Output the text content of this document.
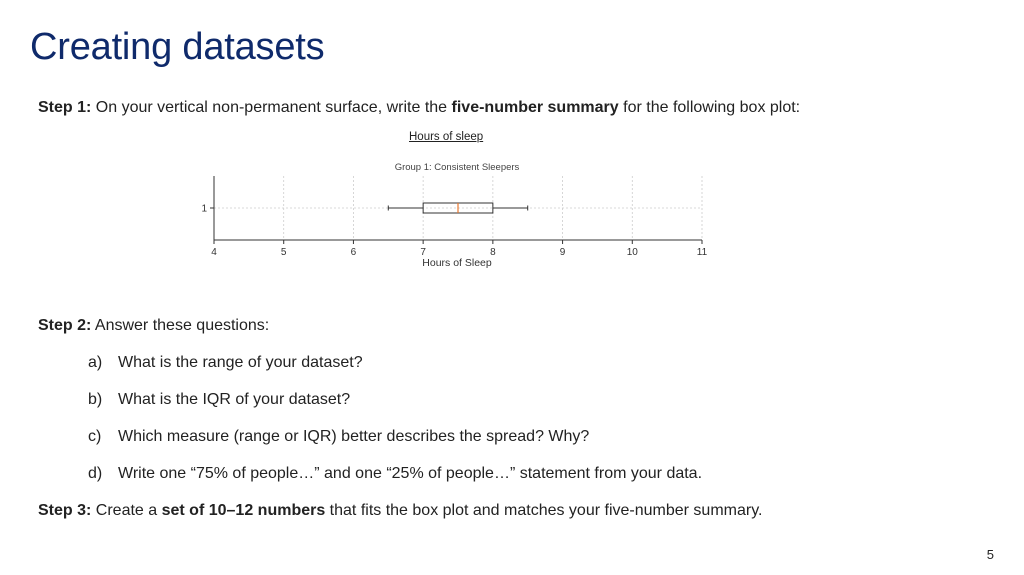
Creating datasets
Step 1: On your vertical non-permanent surface, write the five-number summary for the following box plot:
Hours of sleep
Group 1: Consistent Sleepers
4	5	6	7	8	9	10	11
1
Hours of Sleep
Step 2: Answer these questions:
a) What is the range of your dataset?
b) What is the IQR of your dataset?
c) Which measure (range or IQR) better describes the spread? Why?
d) Write one “75% of people…” and one “25% of people…” statement from your data.
Step 3: Create a set of 10–12 numbers that fits the box plot and matches your five-number summary.
5
